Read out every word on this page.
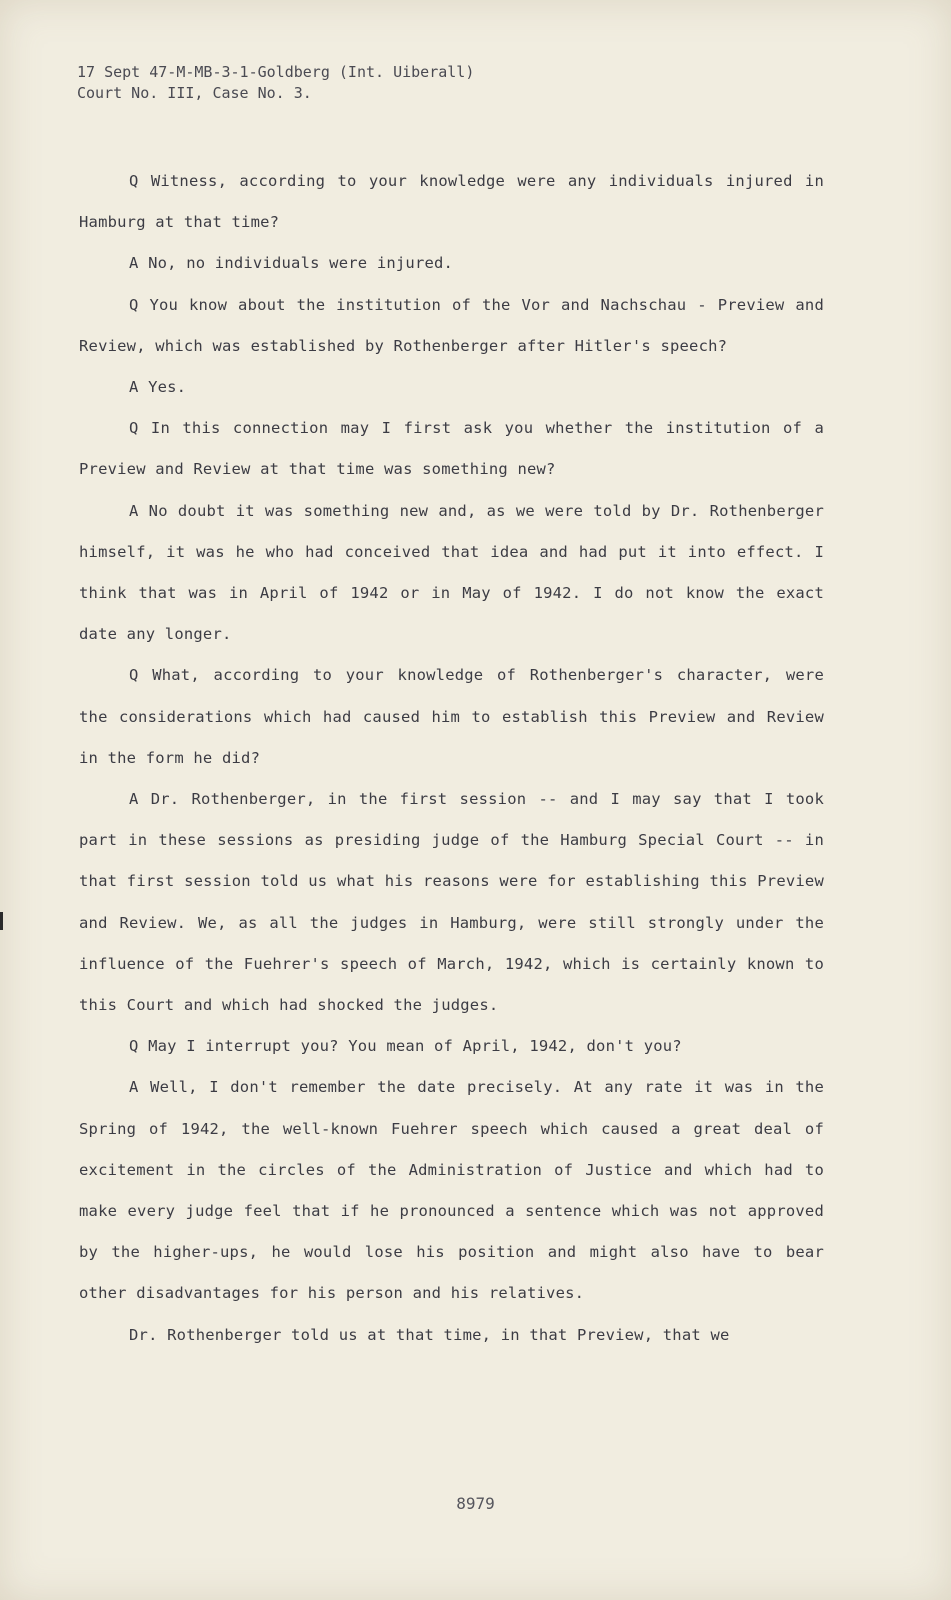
17 Sept 47-M-MB-3-1-Goldberg (Int. Uiberall)
Court No. III, Case No. 3.

Q Witness, according to your knowledge were any individuals injured in Hamburg at that time?

A No, no individuals were injured.

Q You know about the institution of the Vor and Nachschau - Preview and Review, which was established by Rothenberger after Hitler's speech?

A Yes.

Q In this connection may I first ask you whether the institution of a Preview and Review at that time was something new?

A No doubt it was something new and, as we were told by Dr. Rothenberger himself, it was he who had conceived that idea and had put it into effect. I think that was in April of 1942 or in May of 1942. I do not know the exact date any longer.

Q What, according to your knowledge of Rothenberger's character, were the considerations which had caused him to establish this Preview and Review in the form he did?

A Dr. Rothenberger, in the first session -- and I may say that I took part in these sessions as presiding judge of the Hamburg Special Court -- in that first session told us what his reasons were for establishing this Preview and Review. We, as all the judges in Hamburg, were still strongly under the influence of the Fuehrer's speech of March, 1942, which is certainly known to this Court and which had shocked the judges.

Q May I interrupt you? You mean of April, 1942, don't you?

A Well, I don't remember the date precisely. At any rate it was in the Spring of 1942, the well-known Fuehrer speech which caused a great deal of excitement in the circles of the Administration of Justice and which had to make every judge feel that if he pronounced a sentence which was not approved by the higher-ups, he would lose his position and might also have to bear other disadvantages for his person and his relatives.

Dr. Rothenberger told us at that time, in that Preview, that we

8979
